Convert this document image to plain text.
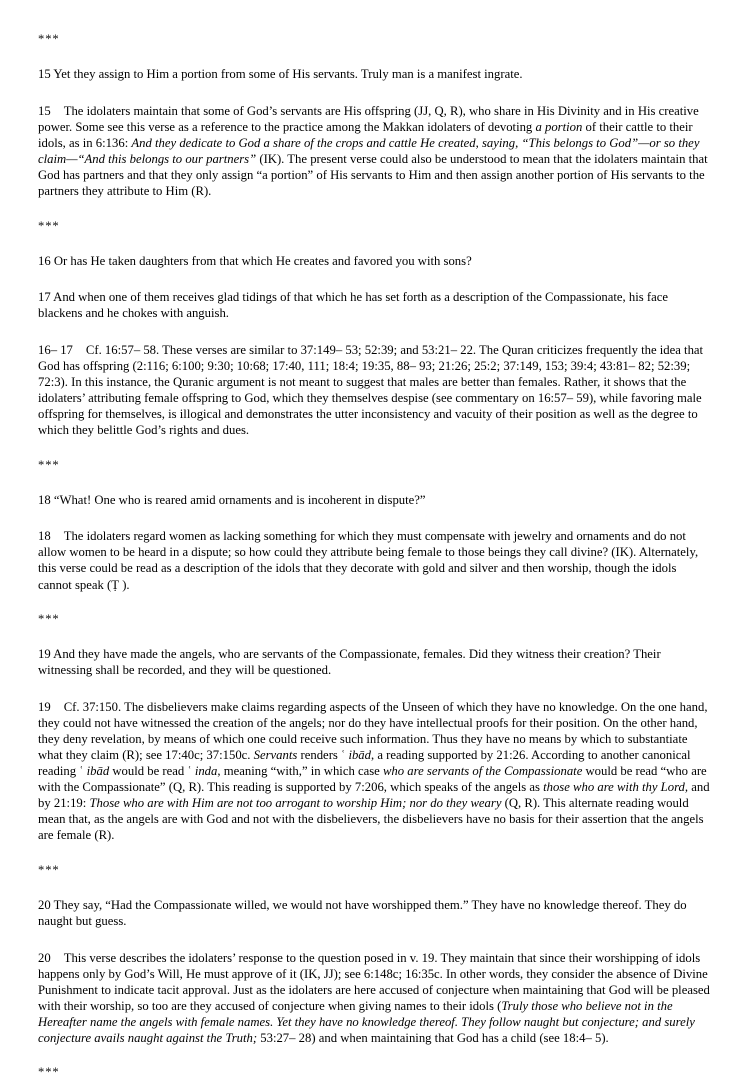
***

15 Yet they assign to Him a portion from some of His servants. Truly man is a manifest ingrate.

15 The idolaters maintain that some of God’s servants are His offspring (JJ, Q, R), who share in His Divinity and in His creative power. Some see this verse as a reference to the practice among the Makkan idolaters of devoting a portion of their cattle to their idols, as in 6:136: And they dedicate to God a share of the crops and cattle He created, saying, “This belongs to God”—or so they claim—“And this belongs to our partners” (IK). The present verse could also be understood to mean that the idolaters maintain that God has partners and that they only assign “a portion” of His servants to Him and then assign another portion of His servants to the partners they attribute to Him (R).

***

16 Or has He taken daughters from that which He creates and favored you with sons?

17 And when one of them receives glad tidings of that which he has set forth as a description of the Compassionate, his face blackens and he chokes with anguish.

16– 17 Cf. 16:57– 58. These verses are similar to 37:149– 53; 52:39; and 53:21– 22. The Quran criticizes frequently the idea that God has offspring (2:116; 6:100; 9:30; 10:68; 17:40, 111; 18:4; 19:35, 88– 93; 21:26; 25:2; 37:149, 153; 39:4; 43:81– 82; 52:39; 72:3). In this instance, the Quranic argument is not meant to suggest that males are better than females. Rather, it shows that the idolaters’ attributing female offspring to God, which they themselves despise (see commentary on 16:57– 59), while favoring male offspring for themselves, is illogical and demonstrates the utter inconsistency and vacuity of their position as well as the degree to which they belittle God’s rights and dues.

***

18 “What! One who is reared amid ornaments and is incoherent in dispute?”

18 The idolaters regard women as lacking something for which they must compensate with jewelry and ornaments and do not allow women to be heard in a dispute; so how could they attribute being female to those beings they call divine? (IK). Alternately, this verse could be read as a description of the idols that they decorate with gold and silver and then worship, though the idols cannot speak (Ṭ ).

***

19 And they have made the angels, who are servants of the Compassionate, females. Did they witness their creation? Their witnessing shall be recorded, and they will be questioned.

19 Cf. 37:150. The disbelievers make claims regarding aspects of the Unseen of which they have no knowledge. On the one hand, they could not have witnessed the creation of the angels; nor do they have intellectual proofs for their position. On the other hand, they deny revelation, by means of which one could receive such information. Thus they have no means by which to substantiate what they claim (R); see 17:40c; 37:150c. Servants renders ʿ ibād, a reading supported by 21:26. According to another canonical reading ʿ ibād would be read ʿ inda, meaning “with,” in which case who are servants of the Compassionate would be read “who are with the Compassionate” (Q, R). This reading is supported by 7:206, which speaks of the angels as those who are with thy Lord, and by 21:19: Those who are with Him are not too arrogant to worship Him; nor do they weary (Q, R). This alternate reading would mean that, as the angels are with God and not with the disbelievers, the disbelievers have no basis for their assertion that the angels are female (R).

***

20 They say, “Had the Compassionate willed, we would not have worshipped them.” They have no knowledge thereof. They do naught but guess.

20 This verse describes the idolaters’ response to the question posed in v. 19. They maintain that since their worshipping of idols happens only by God’s Will, He must approve of it (IK, JJ); see 6:148c; 16:35c. In other words, they consider the absence of Divine Punishment to indicate tacit approval. Just as the idolaters are here accused of conjecture when maintaining that God will be pleased with their worship, so too are they accused of conjecture when giving names to their idols (Truly those who believe not in the Hereafter name the angels with female names. Yet they have no knowledge thereof. They follow naught but conjecture; and surely conjecture avails naught against the Truth; 53:27– 28) and when maintaining that God has a child (see 18:4– 5).

***
